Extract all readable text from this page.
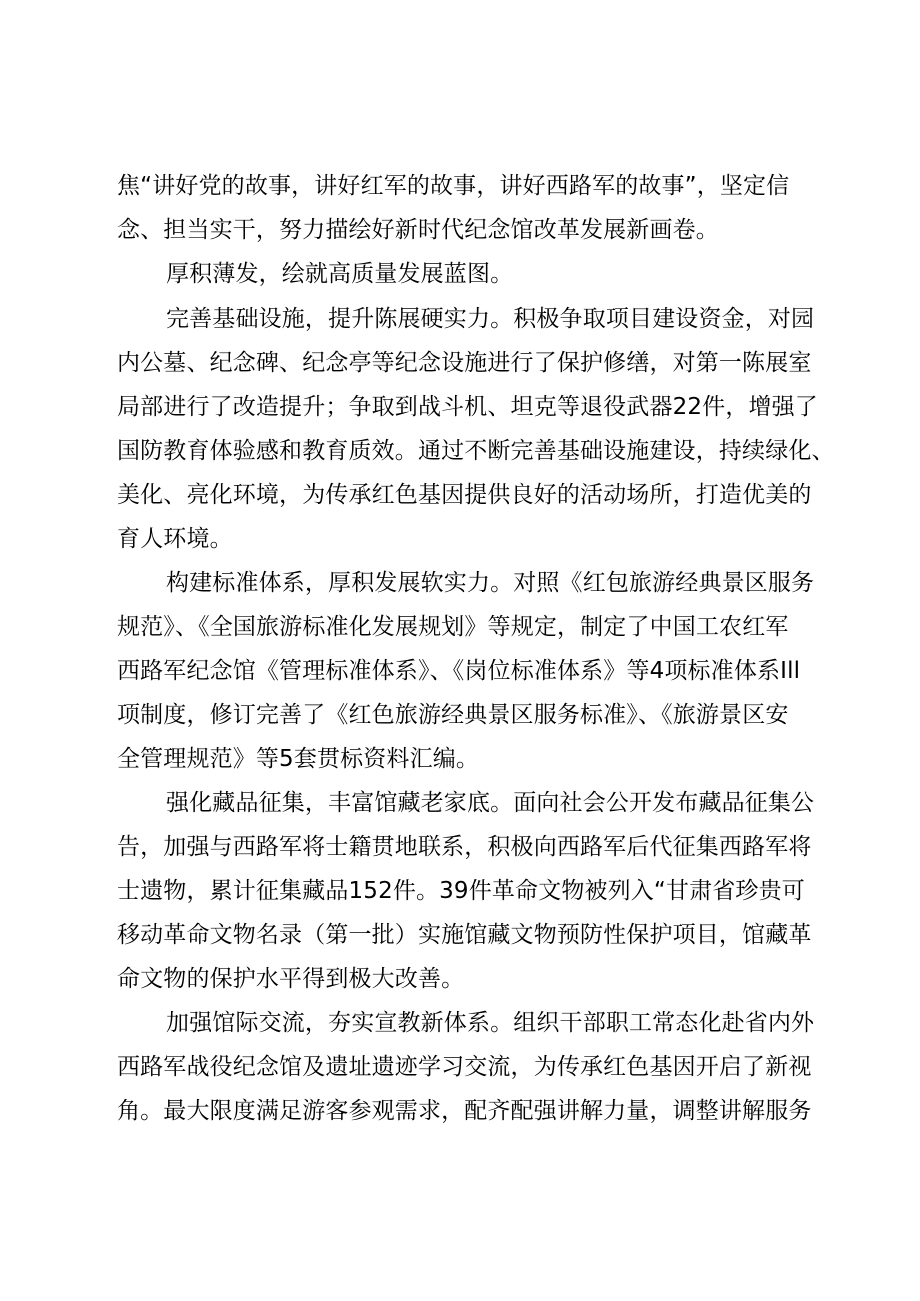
焦“讲好党的故事，讲好红军的故事，讲好西路军的故事”，坚定信
念、担当实干，努力描绘好新时代纪念馆改革发展新画卷。
厚积薄发，绘就高质量发展蓝图。
完善基础设施，提升陈展硬实力。积极争取项目建设资金，对园
内公墓、纪念碑、纪念亭等纪念设施进行了保护修缮，对第一陈展室
局部进行了改造提升；争取到战斗机、坦克等退役武器22件，增强了
国防教育体验感和教育质效。通过不断完善基础设施建设，持续绿化、
美化、亮化环境，为传承红色基因提供良好的活动场所，打造优美的
育人环境。
构建标准体系，厚积发展软实力。对照《红包旅游经典景区服务
规范》、《全国旅游标准化发展规划》等规定，制定了中国工农红军
西路军纪念馆《管理标准体系》、《岗位标准体系》等4项标准体系Ill
项制度，修订完善了《红色旅游经典景区服务标准》、《旅游景区安
全管理规范》等5套贯标资料汇编。
强化藏品征集，丰富馆藏老家底。面向社会公开发布藏品征集公
告，加强与西路军将士籍贯地联系，积极向西路军后代征集西路军将
士遗物，累计征集藏品152件。39件革命文物被列入“甘肃省珍贵可
移动革命文物名录（第一批）实施馆藏文物预防性保护项目，馆藏革
命文物的保护水平得到极大改善。
加强馆际交流，夯实宣教新体系。组织干部职工常态化赴省内外
西路军战役纪念馆及遗址遗迹学习交流，为传承红色基因开启了新视
角。最大限度满足游客参观需求，配齐配强讲解力量，调整讲解服务
